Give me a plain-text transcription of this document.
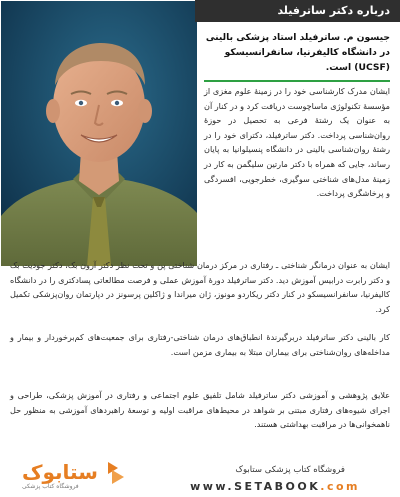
درباره دکتر ساترفیلد
جیسون م. ساترفیلد استاد پزشکی بالینی در دانشگاه کالیفرنیا، سانفرانسیسکو (UCSF) است.

ایشان مدرک کارشناسی خود را در زمینهٔ علوم مغزی از مؤسسهٔ تکنولوژی ماساچوست دریافت کرد و در کنار آن به عنوان یک رشتهٔ فرعی به تحصیل در حوزهٔ روان‌شناسی پرداخت. دکتر ساترفیلد، دکترای خود را در رشتهٔ روان‌شناسی بالینی در دانشگاه پنسیلوانیا به پایان رساند، جایی که همراه با دکتر مارتین سلیگمن به کار در زمینهٔ مدل‌های شناختی سوگیری، خطرجویی، افسردگی و پرخاشگری پرداخت.

ایشان به عنوان درمانگر شناختی ـ رفتاری در مرکز درمان شناختی پن و تحت نظر دکتر آرون بک، دکتر جودیت بک و دکتر رابرت درابیس آموزش دید. دکتر ساترفیلد دورهٔ آموزش عملی و فرصت مطالعاتی پسادکتری را در دانشگاه کالیفرنیا، سانفرانسیسکو در کنار دکتر ریکاردو مونوز، ژان میراندا و ژاکلین پرسونز در دپارتمان روان‌پزشکی تکمیل کرد.

کار بالینی دکتر ساترفیلد دربرگیرندهٔ انطباق‌های درمان شناختی-رفتاری برای جمعیت‌های کم‌برخوردار و بیمار و مداخله‌های روان‌شناختی برای بیماران مبتلا به بیماری مزمن است.

علایق پژوهشی و آموزشی دکتر ساترفیلد شامل تلفیق علوم اجتماعی و رفتاری در آموزش پزشکی، طراحی و اجرای شیوه‌های رفتاری مبتنی بر شواهد در محیط‌های مراقبت اولیه و توسعهٔ راهبردهای آموزشی به منظور حل ناهمخوانی‌ها در مراقبت بهداشتی هستند.

ستابوک
فروشگاه کتاب پزشکی
فروشگاه کتاب پزشکی ستابوک
www.SETABOOK.com
